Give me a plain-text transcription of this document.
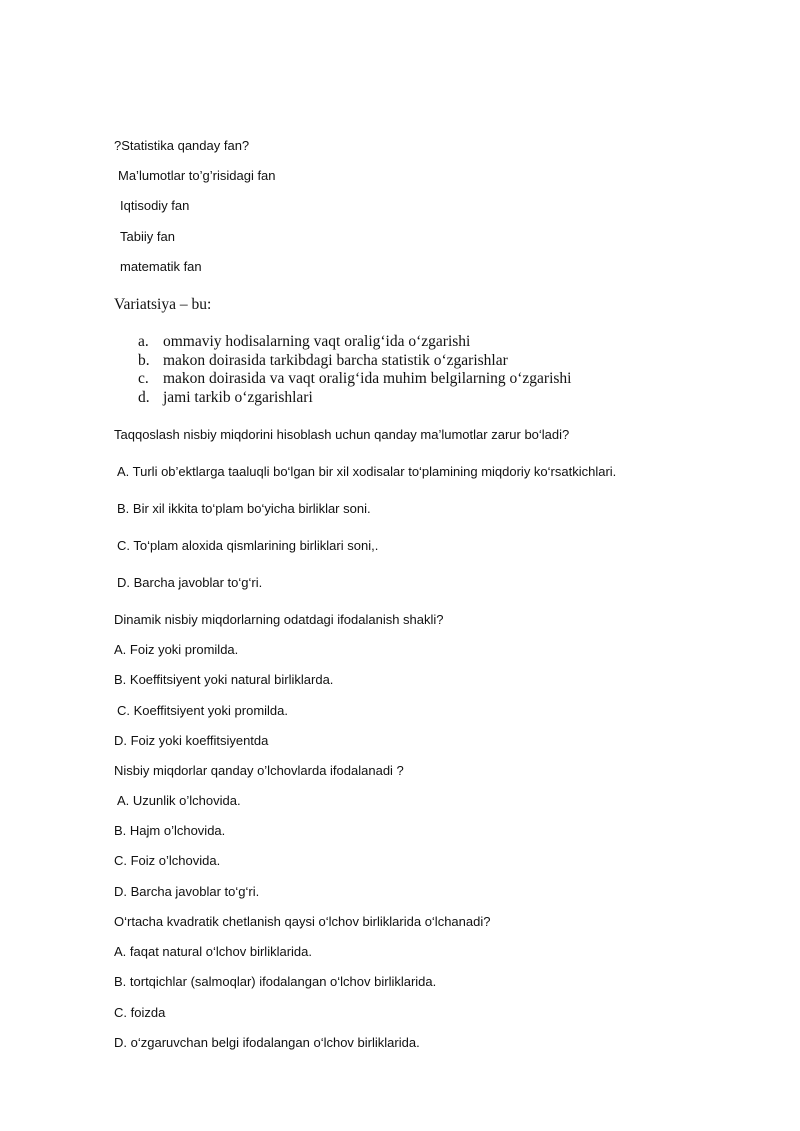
?Statistika qanday fan?
Ma’lumotlar to’g’risidagi fan
Iqtisodiy fan
Tabiiy fan
matematik fan
Variatsiya – bu:
a. ommaviy hodisalarning vaqt oralig‘ida o‘zgarishi
b. makon doirasida tarkibdagi barcha statistik o‘zgarishlar
c. makon doirasida va vaqt oralig‘ida muhim belgilarning o‘zgarishi
d. jami tarkib o‘zgarishlari
Taqqoslash nisbiy miqdorini hisoblash uchun qanday ma’lumotlar zarur bo‘ladi?
A. Turli ob’ektlarga taaluqli bo‘lgan bir xil xodisalar to‘plamining miqdoriy ko‘rsatkichlari.
B. Bir xil ikkita to‘plam bo‘yicha birliklar soni.
C. To‘plam aloxida qismlarining birliklari soni,.
D. Barcha javoblar to‘g‘ri.
Dinamik nisbiy miqdorlarning odatdagi ifodalanish shakli?
A. Foiz yoki promilda.
B. Koeffitsiyent yoki natural birliklarda.
C. Koeffitsiyent yoki promilda.
D. Foiz yoki koeffitsiyentda
Nisbiy miqdorlar qanday o’lchovlarda ifodalanadi ?
A. Uzunlik o’lchovida.
B. Hajm o’lchovida.
C. Foiz o’lchovida.
D. Barcha javoblar to‘g‘ri.
O‘rtacha kvadratik chetlanish qaysi o‘lchov birliklarida o‘lchanadi?
A. faqat natural o‘lchov birliklarida.
B. tortqichlar (salmoqlar) ifodalangan o‘lchov birliklarida.
C. foizda
D. o‘zgaruvchan belgi ifodalangan o‘lchov birliklarida.
